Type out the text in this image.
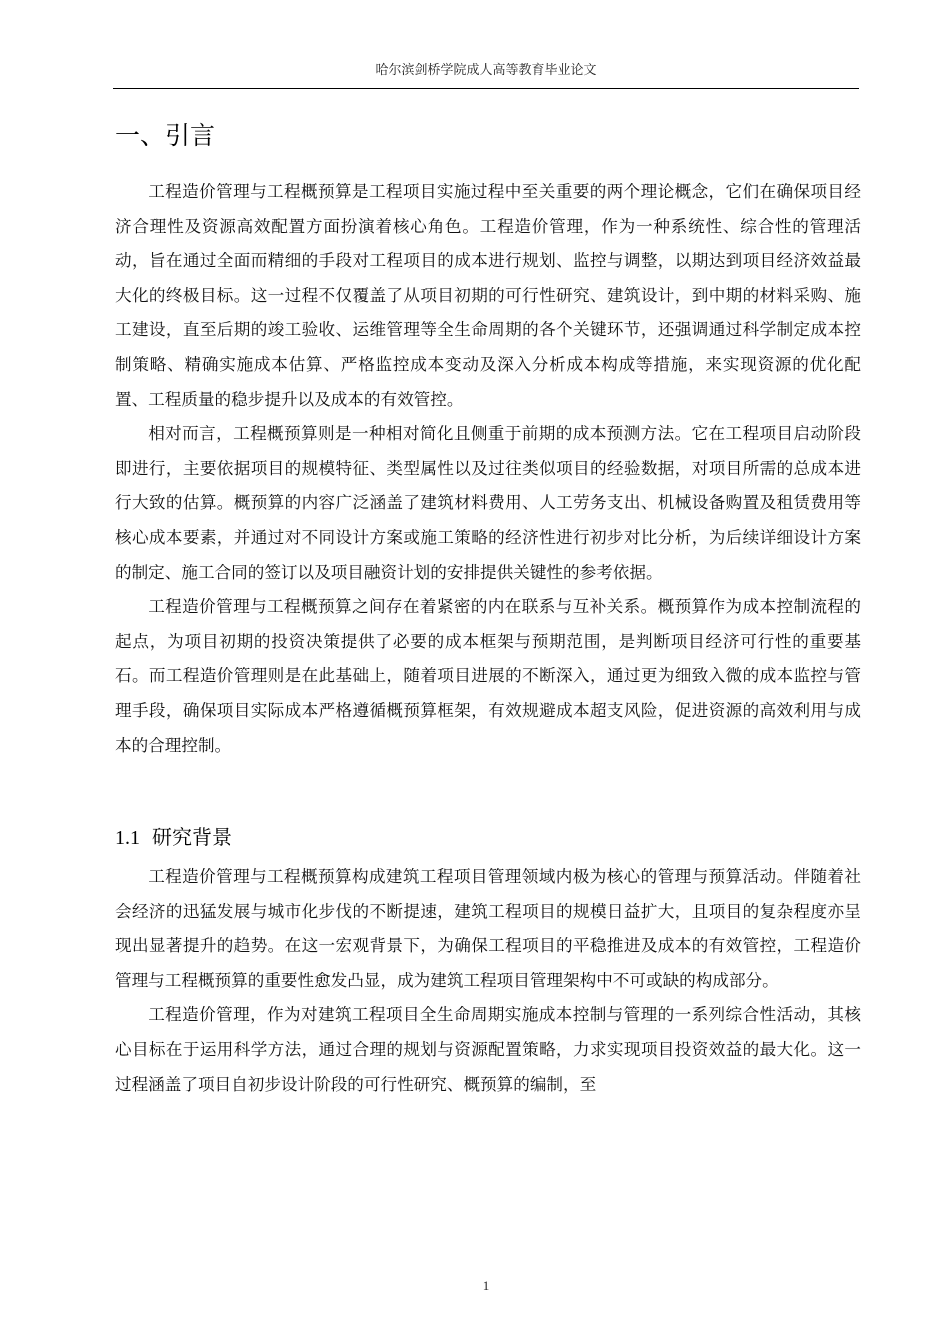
哈尔滨剑桥学院成人高等教育毕业论文
一、引言

工程造价管理与工程概预算是工程项目实施过程中至关重要的两个理论概念，它们在确保项目经济合理性及资源高效配置方面扮演着核心角色。工程造价管理，作为一种系统性、综合性的管理活动，旨在通过全面而精细的手段对工程项目的成本进行规划、监控与调整，以期达到项目经济效益最大化的终极目标。这一过程不仅覆盖了从项目初期的可行性研究、建筑设计，到中期的材料采购、施工建设，直至后期的竣工验收、运维管理等全生命周期的各个关键环节，还强调通过科学制定成本控制策略、精确实施成本估算、严格监控成本变动及深入分析成本构成等措施，来实现资源的优化配置、工程质量的稳步提升以及成本的有效管控。

相对而言，工程概预算则是一种相对简化且侧重于前期的成本预测方法。它在工程项目启动阶段即进行，主要依据项目的规模特征、类型属性以及过往类似项目的经验数据，对项目所需的总成本进行大致的估算。概预算的内容广泛涵盖了建筑材料费用、人工劳务支出、机械设备购置及租赁费用等核心成本要素，并通过对不同设计方案或施工策略的经济性进行初步对比分析，为后续详细设计方案的制定、施工合同的签订以及项目融资计划的安排提供关键性的参考依据。

工程造价管理与工程概预算之间存在着紧密的内在联系与互补关系。概预算作为成本控制流程的起点，为项目初期的投资决策提供了必要的成本框架与预期范围，是判断项目经济可行性的重要基石。而工程造价管理则是在此基础上，随着项目进展的不断深入，通过更为细致入微的成本监控与管理手段，确保项目实际成本严格遵循概预算框架，有效规避成本超支风险，促进资源的高效利用与成本的合理控制。

1.1 研究背景

工程造价管理与工程概预算构成建筑工程项目管理领域内极为核心的管理与预算活动。伴随着社会经济的迅猛发展与城市化步伐的不断提速，建筑工程项目的规模日益扩大，且项目的复杂程度亦呈现出显著提升的趋势。在这一宏观背景下，为确保工程项目的平稳推进及成本的有效管控，工程造价管理与工程概预算的重要性愈发凸显，成为建筑工程项目管理架构中不可或缺的构成部分。

工程造价管理，作为对建筑工程项目全生命周期实施成本控制与管理的一系列综合性活动，其核心目标在于运用科学方法，通过合理的规划与资源配置策略，力求实现项目投资效益的最大化。这一过程涵盖了项目自初步设计阶段的可行性研究、概预算的编制，至

1
